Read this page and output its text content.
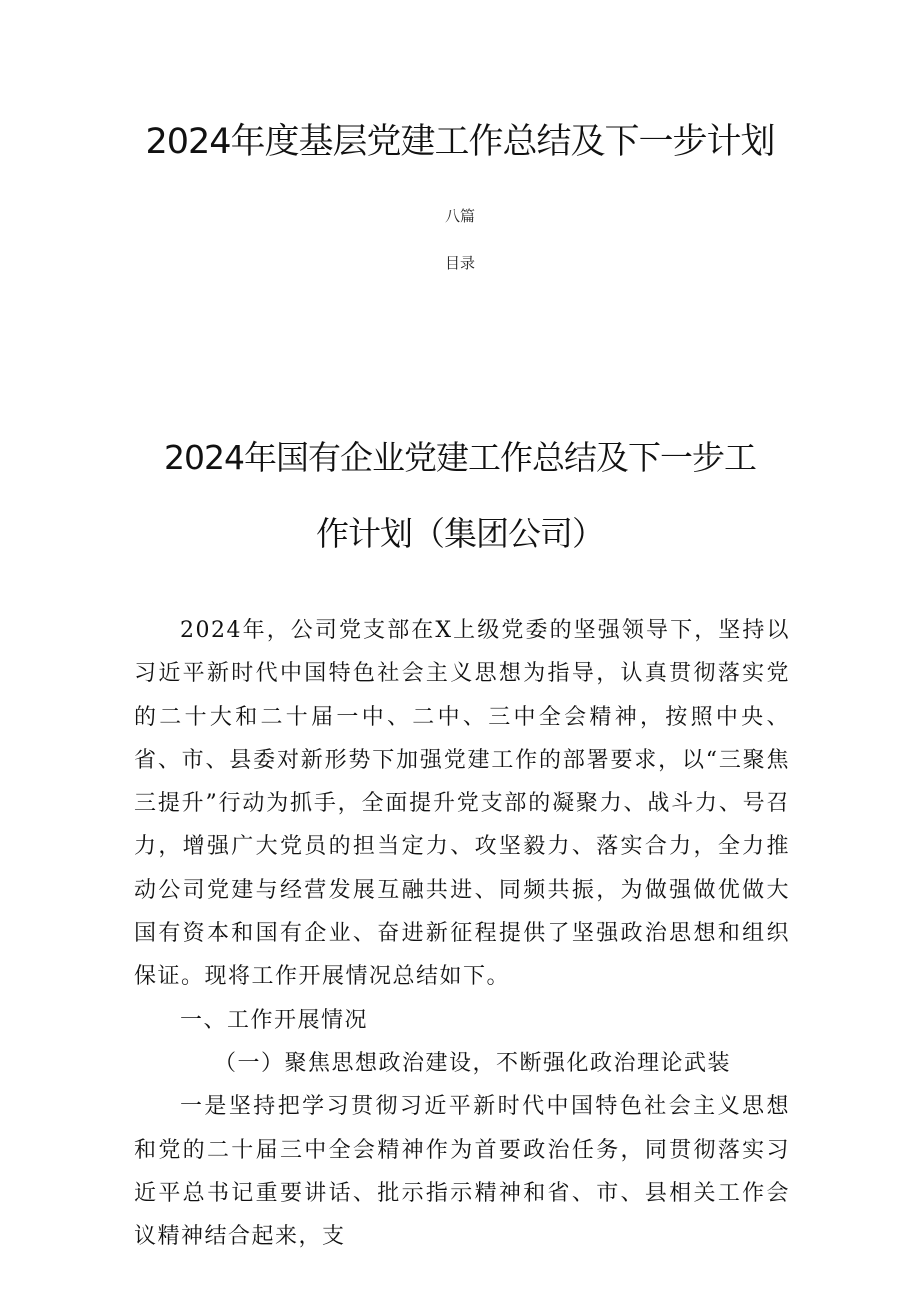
2024年度基层党建工作总结及下一步计划
八篇
目录
2024年国有企业党建工作总结及下一步工作计划（集团公司）

2024年，公司党支部在X上级党委的坚强领导下，坚持以习近平新时代中国特色社会主义思想为指导，认真贯彻落实党的二十大和二十届一中、二中、三中全会精神，按照中央、省、市、县委对新形势下加强党建工作的部署要求，以“三聚焦三提升”行动为抓手，全面提升党支部的凝聚力、战斗力、号召力，增强广大党员的担当定力、攻坚毅力、落实合力，全力推动公司党建与经营发展互融共进、同频共振，为做强做优做大国有资本和国有企业、奋进新征程提供了坚强政治思想和组织保证。现将工作开展情况总结如下。

一、工作开展情况

（一）聚焦思想政治建设，不断强化政治理论武装

一是坚持把学习贯彻习近平新时代中国特色社会主义思想和党的二十届三中全会精神作为首要政治任务，同贯彻落实习近平总书记重要讲话、批示指示精神和省、市、县相关工作会议精神结合起来，支
